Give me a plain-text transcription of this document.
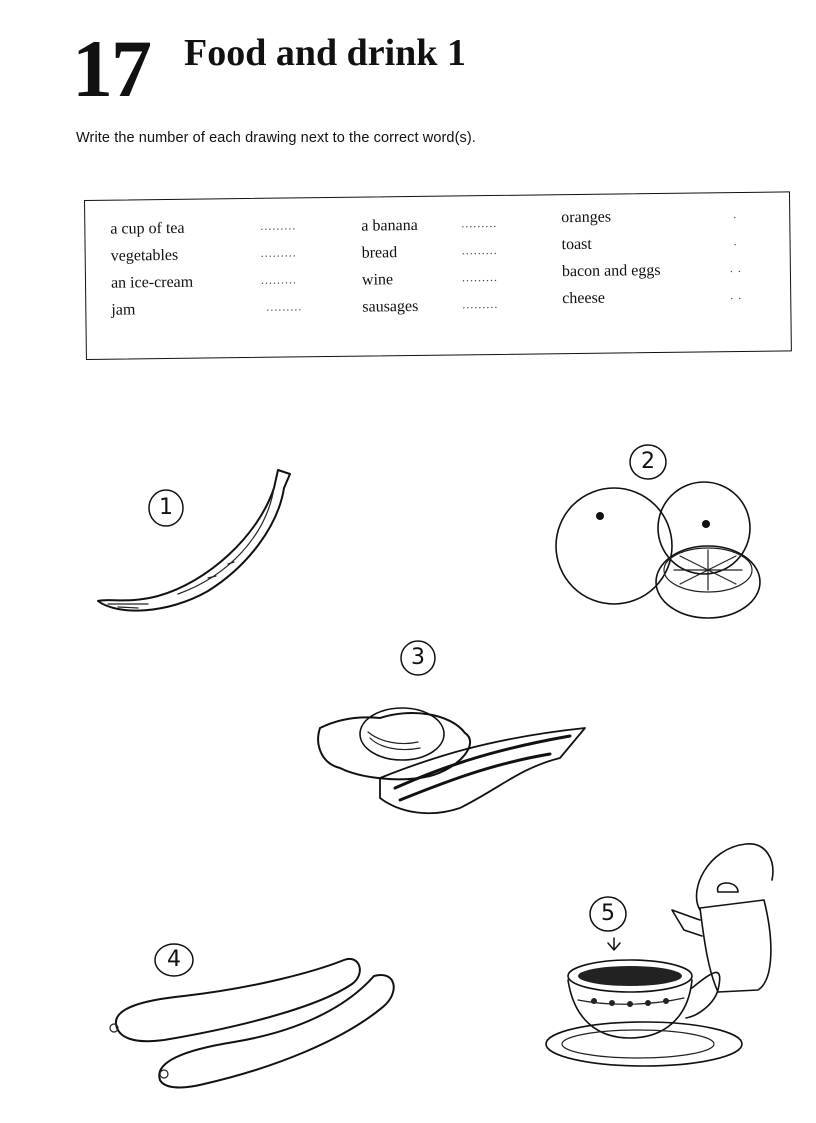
17 Food and drink 1
Write the number of each drawing next to the correct word(s).
a cup of tea	.........
vegetables	.........
an ice-cream	.........
jam	.........
a banana	.........
bread	.........
wine	.........
sausages	.........
oranges	.
toast	.
bacon and eggs	. .
cheese	. .
1
2
3
4
5
